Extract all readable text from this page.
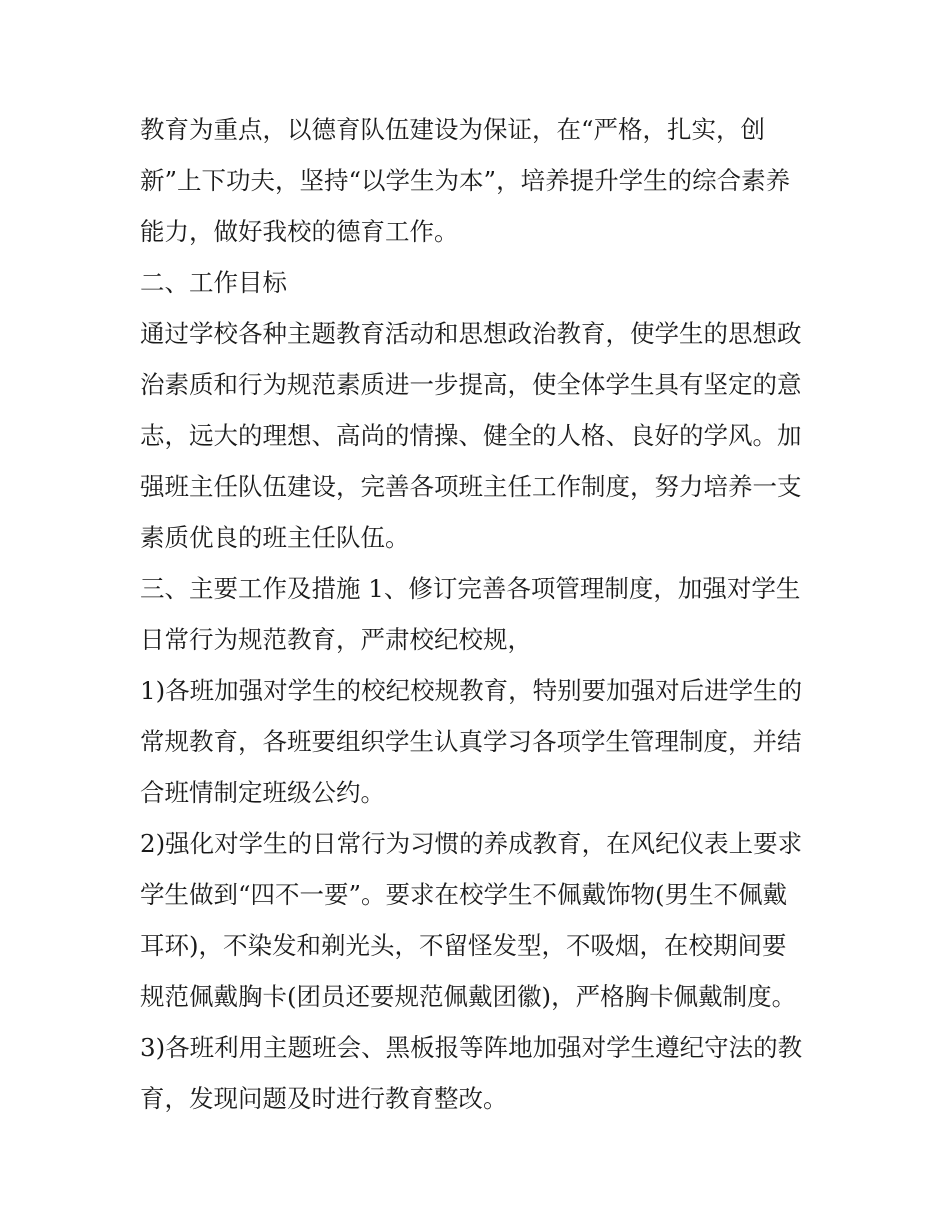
教育为重点，以德育队伍建设为保证，在“严格，扎实，创
新”上下功夫，坚持“以学生为本”，培养提升学生的综合素养
能力，做好我校的德育工作。

二、工作目标

通过学校各种主题教育活动和思想政治教育，使学生的思想政
治素质和行为规范素质进一步提高，使全体学生具有坚定的意
志，远大的理想、高尚的情操、健全的人格、良好的学风。加
强班主任队伍建设，完善各项班主任工作制度，努力培养一支
素质优良的班主任队伍。

三、主要工作及措施 1、修订完善各项管理制度，加强对学生
日常行为规范教育，严肃校纪校规，

1)各班加强对学生的校纪校规教育，特别要加强对后进学生的
常规教育，各班要组织学生认真学习各项学生管理制度，并结
合班情制定班级公约。

2)强化对学生的日常行为习惯的养成教育，在风纪仪表上要求
学生做到“四不一要”。要求在校学生不佩戴饰物(男生不佩戴
耳环)，不染发和剃光头，不留怪发型，不吸烟，在校期间要
规范佩戴胸卡(团员还要规范佩戴团徽)，严格胸卡佩戴制度。

3)各班利用主题班会、黑板报等阵地加强对学生遵纪守法的教
育，发现问题及时进行教育整改。
